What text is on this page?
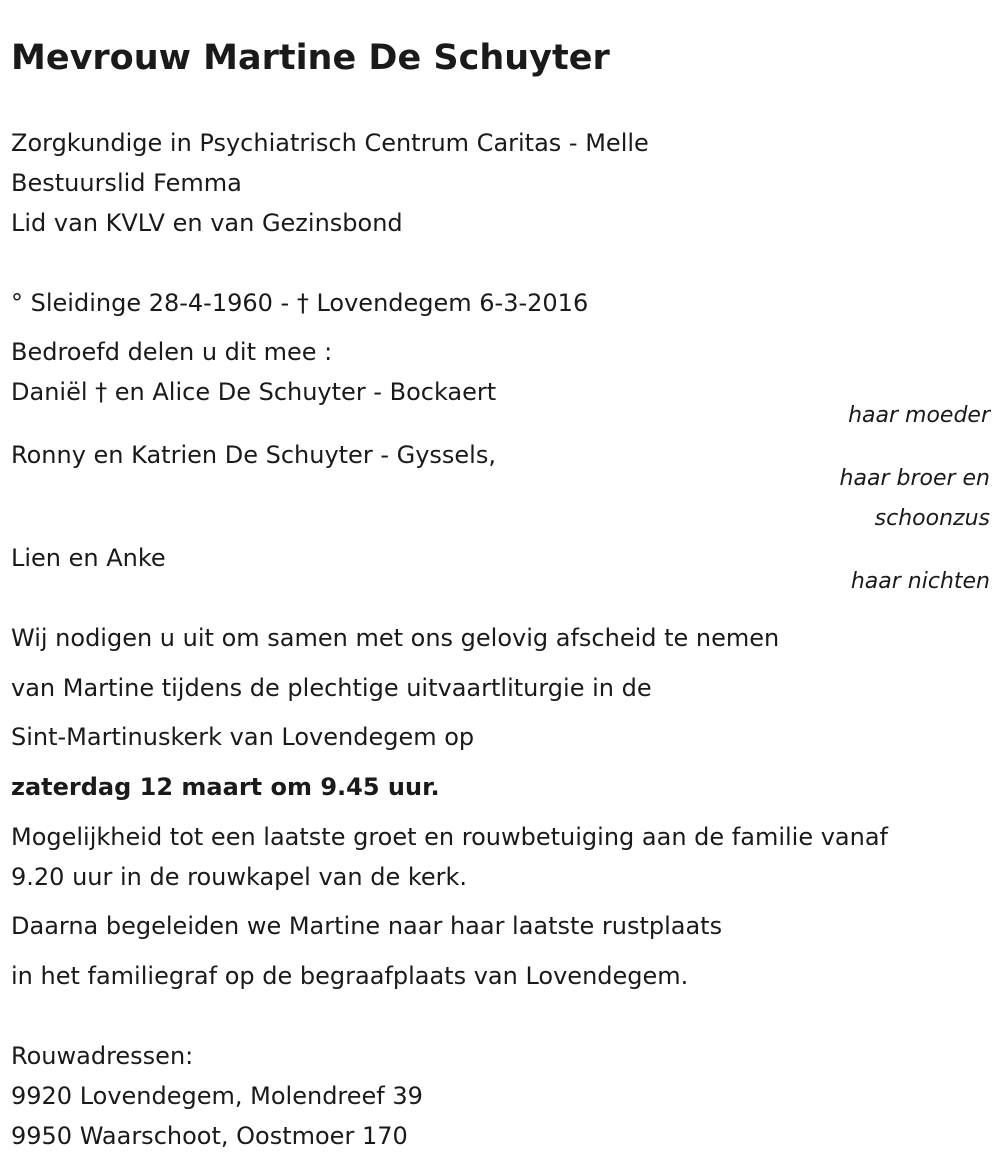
Mevrouw Martine De Schuyter

Zorgkundige in Psychiatrisch Centrum Caritas - Melle

Bestuurslid Femma

Lid van KVLV en van Gezinsbond

° Sleidinge 28-4-1960 - † Lovendegem 6-3-2016

Bedroefd delen u dit mee :

Daniël † en Alice De Schuyter - Bockaert

haar moeder

Ronny en Katrien De Schuyter - Gyssels,

haar broer en

schoonzus

Lien en Anke

haar nichten

Wij nodigen u uit om samen met ons gelovig afscheid te nemen

van Martine tijdens de plechtige uitvaartliturgie in de

Sint-Martinuskerk van Lovendegem op

zaterdag 12 maart om 9.45 uur.

Mogelijkheid tot een laatste groet en rouwbetuiging aan de familie vanaf

9.20 uur in de rouwkapel van de kerk.

Daarna begeleiden we Martine naar haar laatste rustplaats

in het familiegraf op de begraafplaats van Lovendegem.

Rouwadressen:

9920 Lovendegem, Molendreef 39

9950 Waarschoot, Oostmoer 170
